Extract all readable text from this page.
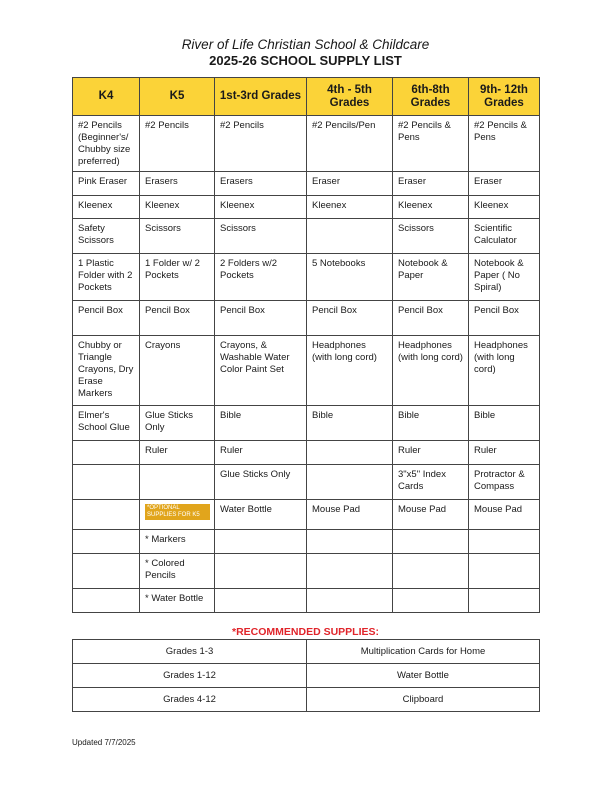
River of Life Christian School & Childcare
2025-26 SCHOOL SUPPLY LIST
K4	K5	1st-3rd Grades	4th - 5th Grades	6th-8th Grades	9th- 12th Grades
#2 Pencils (Beginner's/ Chubby size preferred)	#2 Pencils	#2 Pencils	#2 Pencils/Pen	#2 Pencils & Pens	#2 Pencils & Pens
Pink Eraser	Erasers	Erasers	Eraser	Eraser	Eraser
Kleenex	Kleenex	Kleenex	Kleenex	Kleenex	Kleenex
Safety Scissors	Scissors	Scissors		Scissors	Scientific Calculator
1 Plastic Folder with 2 Pockets	1 Folder w/ 2 Pockets	2 Folders w/2 Pockets	5 Notebooks	Notebook & Paper	Notebook & Paper ( No Spiral)
Pencil Box	Pencil Box	Pencil Box	Pencil Box	Pencil Box	Pencil Box
Chubby or Triangle Crayons, Dry Erase Markers	Crayons	Crayons, & Washable Water Color Paint Set	Headphones (with long cord)	Headphones (with long cord)	Headphones (with long cord)
Elmer's School Glue	Glue Sticks Only	Bible	Bible	Bible	Bible
	Ruler	Ruler		Ruler	Ruler
		Glue Sticks Only		3"x5" Index Cards	Protractor & Compass
	*OPTIONAL SUPPLIES FOR K5	Water Bottle	Mouse Pad	Mouse Pad	Mouse Pad
	* Markers				
	* Colored Pencils				
	* Water Bottle				
*RECOMMENDED SUPPLIES:
Grades 1-3	Multiplication Cards for Home
Grades 1-12	Water Bottle
Grades 4-12	Clipboard
Updated 7/7/2025
